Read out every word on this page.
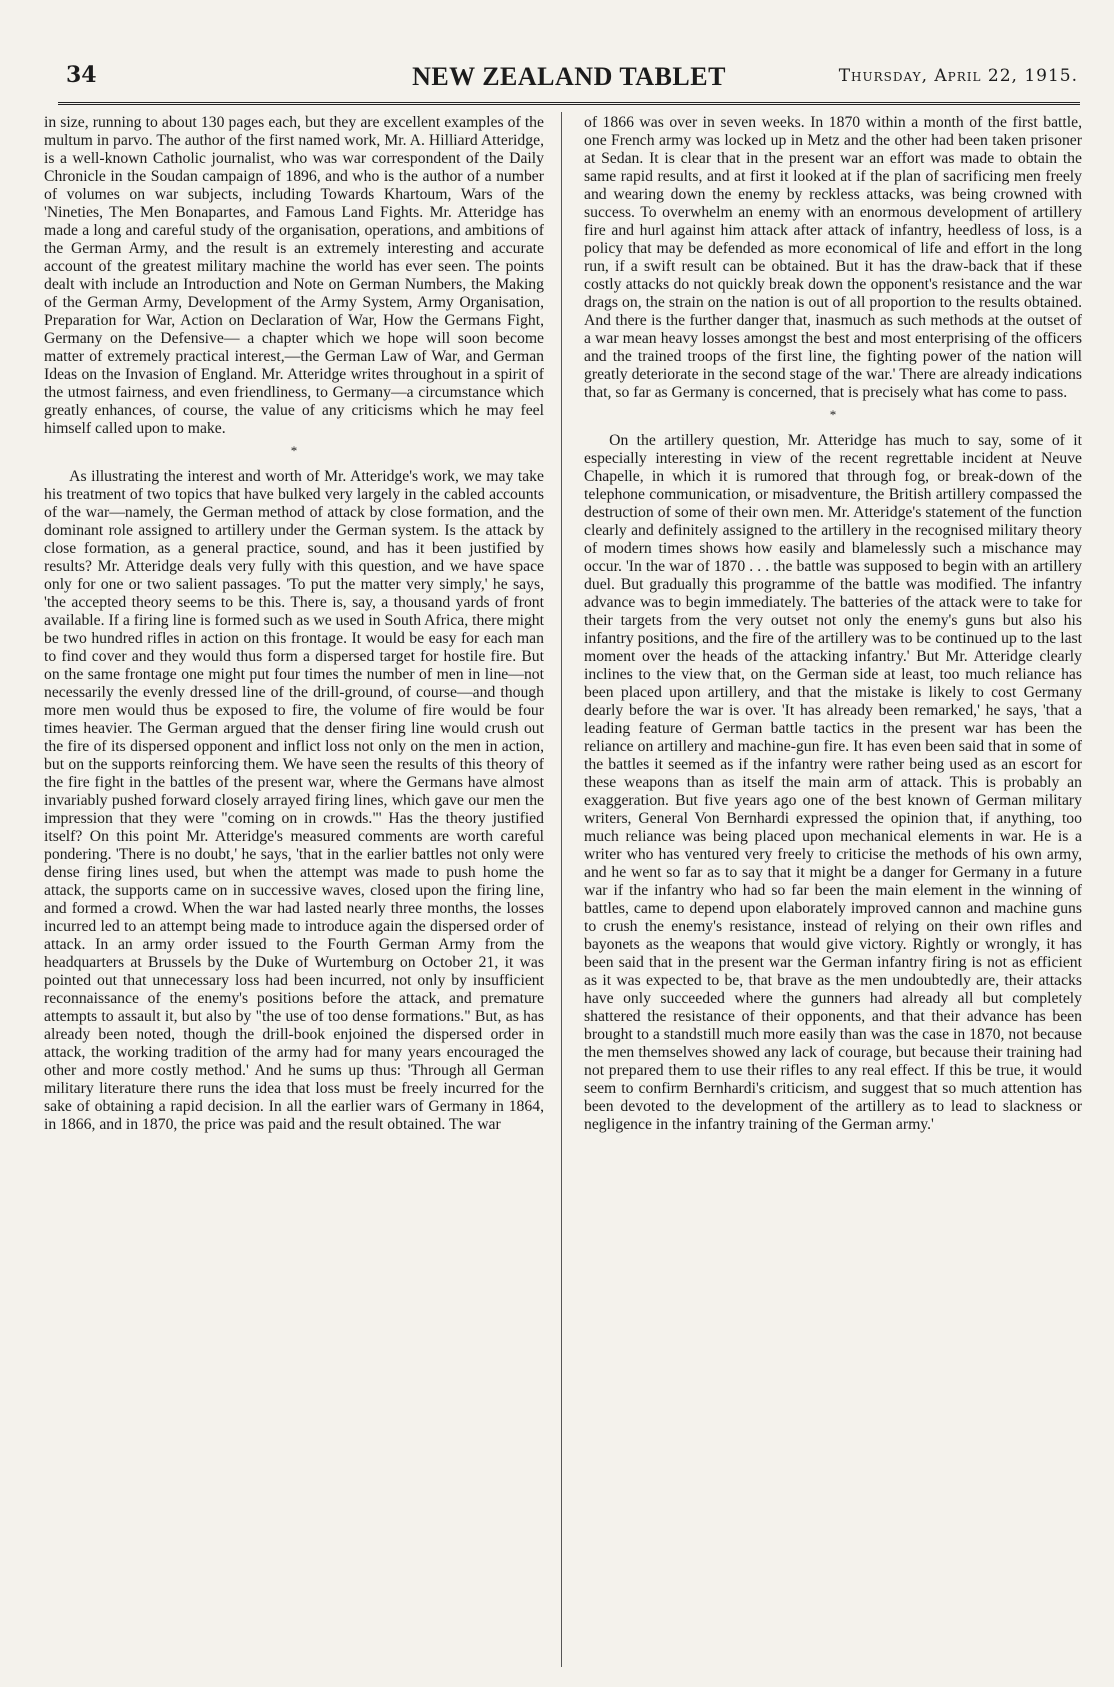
34	NEW ZEALAND TABLET	Thursday, April 22, 1915.

in size, running to about 130 pages each, but they are excellent examples of the multum in parvo. The author of the first named work, Mr. A. Hilliard Atteridge, is a well-known Catholic journalist, who was war correspondent of the Daily Chronicle in the Soudan campaign of 1896, and who is the author of a number of volumes on war subjects, including Towards Khartoum, Wars of the 'Nineties, The Men Bonapartes, and Famous Land Fights. Mr. Atteridge has made a long and careful study of the organisation, operations, and ambitions of the German Army, and the result is an extremely interesting and accurate account of the greatest military machine the world has ever seen. The points dealt with include an Introduction and Note on German Numbers, the Making of the German Army, Development of the Army System, Army Organisation, Preparation for War, Action on Declaration of War, How the Germans Fight, Germany on the Defensive— a chapter which we hope will soon become matter of extremely practical interest,—the German Law of War, and German Ideas on the Invasion of England. Mr. Atteridge writes throughout in a spirit of the utmost fairness, and even friendliness, to Germany—a circumstance which greatly enhances, of course, the value of any criticisms which he may feel himself called upon to make.

*

As illustrating the interest and worth of Mr. Atteridge's work, we may take his treatment of two topics that have bulked very largely in the cabled accounts of the war—namely, the German method of attack by close formation, and the dominant role assigned to artillery under the German system. Is the attack by close formation, as a general practice, sound, and has it been justified by results? Mr. Atteridge deals very fully with this question, and we have space only for one or two salient passages. 'To put the matter very simply,' he says, 'the accepted theory seems to be this. There is, say, a thousand yards of front available. If a firing line is formed such as we used in South Africa, there might be two hundred rifles in action on this frontage. It would be easy for each man to find cover and they would thus form a dispersed target for hostile fire. But on the same frontage one might put four times the number of men in line—not necessarily the evenly dressed line of the drill-ground, of course—and though more men would thus be exposed to fire, the volume of fire would be four times heavier. The German argued that the denser firing line would crush out the fire of its dispersed opponent and inflict loss not only on the men in action, but on the supports reinforcing them. We have seen the results of this theory of the fire fight in the battles of the present war, where the Germans have almost invariably pushed forward closely arrayed firing lines, which gave our men the impression that they were "coming on in crowds."' Has the theory justified itself? On this point Mr. Atteridge's measured comments are worth careful pondering. 'There is no doubt,' he says, 'that in the earlier battles not only were dense firing lines used, but when the attempt was made to push home the attack, the supports came on in successive waves, closed upon the firing line, and formed a crowd. When the war had lasted nearly three months, the losses incurred led to an attempt being made to introduce again the dispersed order of attack. In an army order issued to the Fourth German Army from the headquarters at Brussels by the Duke of Wurtemburg on October 21, it was pointed out that unnecessary loss had been incurred, not only by insufficient reconnaissance of the enemy's positions before the attack, and premature attempts to assault it, but also by "the use of too dense formations." But, as has already been noted, though the drill-book enjoined the dispersed order in attack, the working tradition of the army had for many years encouraged the other and more costly method.' And he sums up thus: 'Through all German military literature there runs the idea that loss must be freely incurred for the sake of obtaining a rapid decision. In all the earlier wars of Germany in 1864, in 1866, and in 1870, the price was paid and the result obtained. The war

of 1866 was over in seven weeks. In 1870 within a month of the first battle, one French army was locked up in Metz and the other had been taken prisoner at Sedan. It is clear that in the present war an effort was made to obtain the same rapid results, and at first it looked at if the plan of sacrificing men freely and wearing down the enemy by reckless attacks, was being crowned with success. To overwhelm an enemy with an enormous development of artillery fire and hurl against him attack after attack of infantry, heedless of loss, is a policy that may be defended as more economical of life and effort in the long run, if a swift result can be obtained. But it has the draw-back that if these costly attacks do not quickly break down the opponent's resistance and the war drags on, the strain on the nation is out of all proportion to the results obtained. And there is the further danger that, inasmuch as such methods at the outset of a war mean heavy losses amongst the best and most enterprising of the officers and the trained troops of the first line, the fighting power of the nation will greatly deteriorate in the second stage of the war.' There are already indications that, so far as Germany is concerned, that is precisely what has come to pass.

*

On the artillery question, Mr. Atteridge has much to say, some of it especially interesting in view of the recent regrettable incident at Neuve Chapelle, in which it is rumored that through fog, or break-down of the telephone communication, or misadventure, the British artillery compassed the destruction of some of their own men. Mr. Atteridge's statement of the function clearly and definitely assigned to the artillery in the recognised military theory of modern times shows how easily and blamelessly such a mischance may occur. 'In the war of 1870 . . . the battle was supposed to begin with an artillery duel. But gradually this programme of the battle was modified. The infantry advance was to begin immediately. The batteries of the attack were to take for their targets from the very outset not only the enemy's guns but also his infantry positions, and the fire of the artillery was to be continued up to the last moment over the heads of the attacking infantry.' But Mr. Atteridge clearly inclines to the view that, on the German side at least, too much reliance has been placed upon artillery, and that the mistake is likely to cost Germany dearly before the war is over. 'It has already been remarked,' he says, 'that a leading feature of German battle tactics in the present war has been the reliance on artillery and machine-gun fire. It has even been said that in some of the battles it seemed as if the infantry were rather being used as an escort for these weapons than as itself the main arm of attack. This is probably an exaggeration. But five years ago one of the best known of German military writers, General Von Bernhardi expressed the opinion that, if anything, too much reliance was being placed upon mechanical elements in war. He is a writer who has ventured very freely to criticise the methods of his own army, and he went so far as to say that it might be a danger for Germany in a future war if the infantry who had so far been the main element in the winning of battles, came to depend upon elaborately improved cannon and machine guns to crush the enemy's resistance, instead of relying on their own rifles and bayonets as the weapons that would give victory. Rightly or wrongly, it has been said that in the present war the German infantry firing is not as efficient as it was expected to be, that brave as the men undoubtedly are, their attacks have only succeeded where the gunners had already all but completely shattered the resistance of their opponents, and that their advance has been brought to a standstill much more easily than was the case in 1870, not because the men themselves showed any lack of courage, but because their training had not prepared them to use their rifles to any real effect. If this be true, it would seem to confirm Bernhardi's criticism, and suggest that so much attention has been devoted to the development of the artillery as to lead to slackness or negligence in the infantry training of the German army.'
